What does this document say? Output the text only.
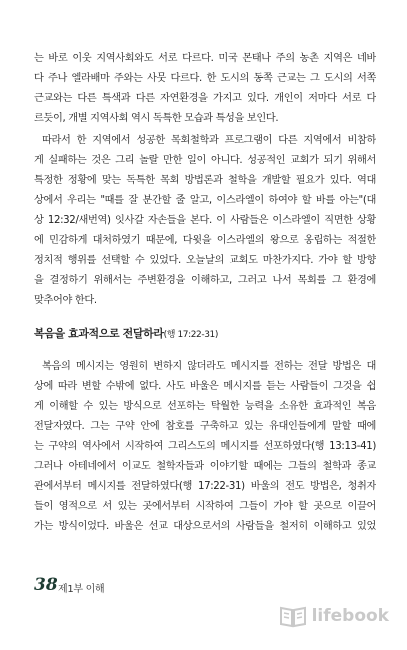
는 바로 이웃 지역사회와도 서로 다르다. 미국 몬태나 주의 농촌 지역은 네바
다 주나 엘라배마 주와는 사뭇 다르다. 한 도시의 동쪽 근교는 그 도시의 서쪽
근교와는 다른 특색과 다른 자연환경을 가지고 있다. 개인이 저마다 서로 다
르듯이, 개별 지역사회 역시 독특한 모습과 특성을 보인다.
따라서 한 지역에서 성공한 목회철학과 프로그램이 다른 지역에서 비참하
게 실패하는 것은 그리 놀랄 만한 일이 아니다. 성공적인 교회가 되기 위해서
특정한 정황에 맞는 독특한 목회 방법론과 철학을 개발할 필요가 있다. 역대
상에서 우리는 "때를 잘 분간할 줄 알고, 이스라엘이 하여야 할 바를 아는"(대
상 12:32/새번역) 잇사갈 자손들을 본다. 이 사람들은 이스라엘이 직면한 상황
에 민감하게 대처하였기 때문에, 다윗을 이스라엘의 왕으로 옹립하는 적절한
정치적 행위를 선택할 수 있었다. 오늘날의 교회도 마찬가지다. 가야 할 방향
을 결정하기 위해서는 주변환경을 이해하고, 그러고 나서 목회를 그 환경에
맞추어야 한다.
복음을 효과적으로 전달하라(행 17:22-31)
복음의 메시지는 영원히 변하지 않더라도 메시지를 전하는 전달 방법은 대
상에 따라 변할 수밖에 없다. 사도 바울은 메시지를 듣는 사람들이 그것을 쉽
게 이해할 수 있는 방식으로 선포하는 탁월한 능력을 소유한 효과적인 복음
전달자였다. 그는 구약 안에 참호를 구축하고 있는 유대인들에게 말할 때에
는 구약의 역사에서 시작하여 그리스도의 메시지를 선포하였다(행 13:13-41)
그러나 아테네에서 이교도 철학자들과 이야기할 때에는 그들의 철학과 종교
관에서부터 메시지를 전달하였다(행 17:22-31) 바울의 전도 방법은, 청취자
들이 영적으로 서 있는 곳에서부터 시작하여 그들이 가야 할 곳으로 이끌어
가는 방식이었다. 바울은 선교 대상으로서의 사람들을 철저히 이해하고 있었
38 제1부 이해
lifebook
